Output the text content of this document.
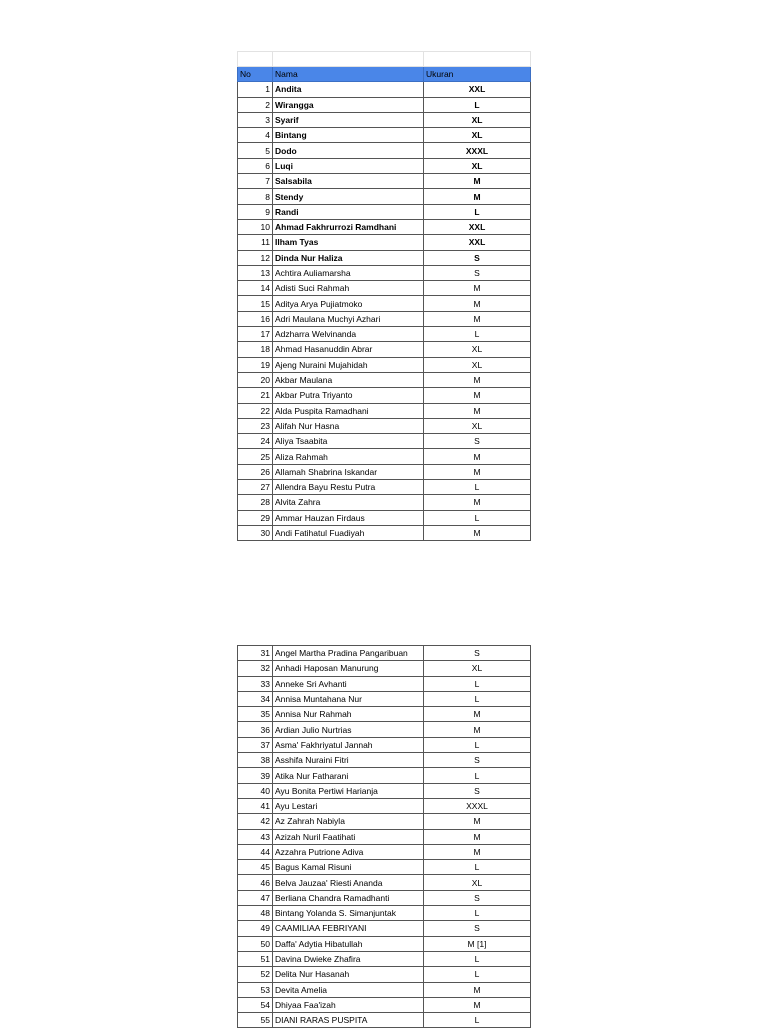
No	Nama	Ukuran
1	Andita	XXL
2	Wirangga	L
3	Syarif	XL
4	Bintang	XL
5	Dodo	XXXL
6	Luqi	XL
7	Salsabila	M
8	Stendy	M
9	Randi	L
10	Ahmad Fakhrurrozi Ramdhani	XXL
11	Ilham Tyas	XXL
12	Dinda Nur Haliza	S
13	Achtira Auliamarsha	S
14	Adisti Suci Rahmah	M
15	Aditya Arya Pujiatmoko	M
16	Adri Maulana Muchyi Azhari	M
17	Adzharra Welvinanda	L
18	Ahmad Hasanuddin Abrar	XL
19	Ajeng Nuraini Mujahidah	XL
20	Akbar Maulana	M
21	Akbar Putra Triyanto	M
22	Alda Puspita Ramadhani	M
23	Alifah Nur Hasna	XL
24	Aliya Tsaabita	S
25	Aliza Rahmah	M
26	Allamah Shabrina Iskandar	M
27	Allendra Bayu Restu Putra	L
28	Alvita Zahra	M
29	Ammar Hauzan Firdaus	L
30	Andi Fatihatul Fuadiyah	M
31	Angel Martha Pradina Pangaribuan	S
32	Anhadi Haposan Manurung	XL
33	Anneke Sri Avhanti	L
34	Annisa Muntahana Nur	L
35	Annisa Nur Rahmah	M
36	Ardian Julio Nurtrias	M
37	Asma' Fakhriyatul Jannah	L
38	Asshifa Nuraini Fitri	S
39	Atika Nur Fatharani	L
40	Ayu Bonita Pertiwi Harianja	S
41	Ayu Lestari	XXXL
42	Az Zahrah Nabiyla	M
43	Azizah Nuril Faatihati	M
44	Azzahra Putrione Adiva	M
45	Bagus Kamal Risuni	L
46	Belva Jauzaa' Riesti Ananda	XL
47	Berliana Chandra Ramadhanti	S
48	Bintang Yolanda S. Simanjuntak	L
49	CAAMILIAA FEBRIYANI	S
50	Daffa' Adytia Hibatullah	M [1]
51	Davina Dwieke Zhafira	L
52	Delita Nur Hasanah	L
53	Devita Amelia	M
54	Dhiyaa Faa'izah	M
55	DIANI RARAS PUSPITA	L
